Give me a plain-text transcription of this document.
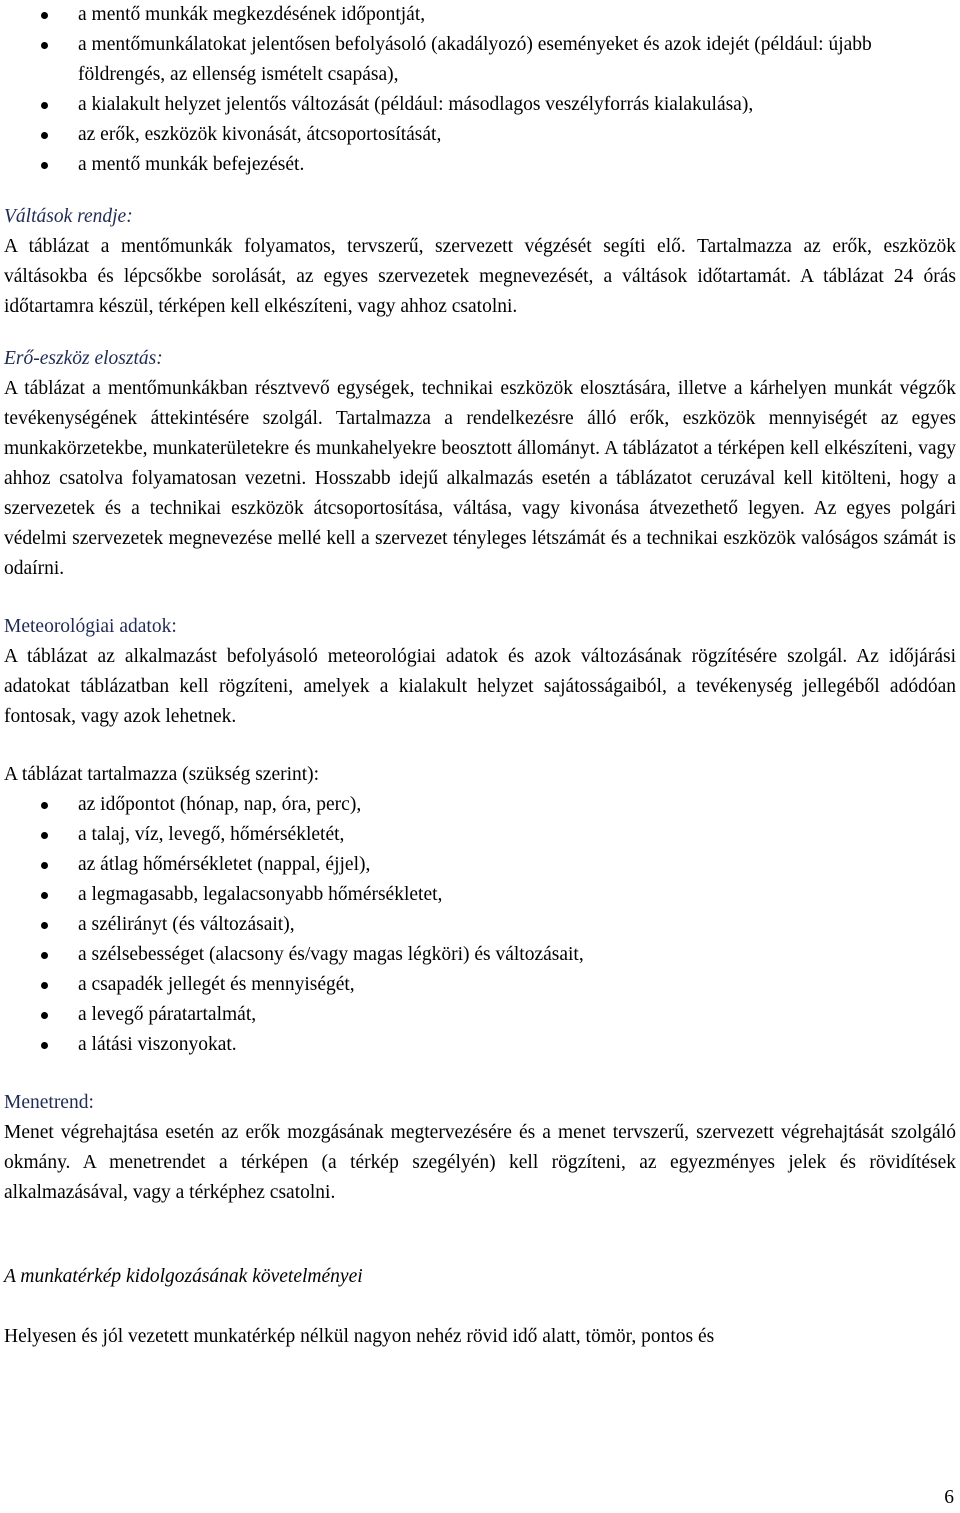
a mentő munkák megkezdésének időpontját,
a mentőmunkálatokat jelentősen befolyásoló (akadályozó) eseményeket és azok idejét (például: újabb földrengés, az ellenség ismételt csapása),
a kialakult helyzet jelentős változását (például: másodlagos veszélyforrás kialakulása),
az erők, eszközök kivonását, átcsoportosítását,
a mentő munkák befejezését.
Váltások rendje:

A táblázat a mentőmunkák folyamatos, tervszerű, szervezett végzését segíti elő. Tartalmazza az erők, eszközök váltásokba és lépcsőkbe sorolását, az egyes szervezetek megnevezését, a váltások időtartamát. A táblázat 24 órás időtartamra készül, térképen kell elkészíteni, vagy ahhoz csatolni.

Erő-eszköz elosztás:

A táblázat a mentőmunkákban résztvevő egységek, technikai eszközök elosztására, illetve a kárhelyen munkát végzők tevékenységének áttekintésére szolgál. Tartalmazza a rendelkezésre álló erők, eszközök mennyiségét az egyes munkakörzetekbe, munkaterületekre és munkahelyekre beosztott állományt. A táblázatot a térképen kell elkészíteni, vagy ahhoz csatolva folyamatosan vezetni. Hosszabb idejű alkalmazás esetén a táblázatot ceruzával kell kitölteni, hogy a szervezetek és a technikai eszközök átcsoportosítása, váltása, vagy kivonása átvezethető legyen. Az egyes polgári védelmi szervezetek megnevezése mellé kell a szervezet tényleges létszámát és a technikai eszközök valóságos számát is odaírni.

Meteorológiai adatok:

A táblázat az alkalmazást befolyásoló meteorológiai adatok és azok változásának rögzítésére szolgál. Az időjárási adatokat táblázatban kell rögzíteni, amelyek a kialakult helyzet sajátosságaiból, a tevékenység jellegéből adódóan fontosak, vagy azok lehetnek.

A táblázat tartalmazza (szükség szerint):
az időpontot (hónap, nap, óra, perc),
a talaj, víz, levegő, hőmérsékletét,
az átlag hőmérsékletet (nappal, éjjel),
a legmagasabb, legalacsonyabb hőmérsékletet,
a szélirányt (és változásait),
a szélsebességet (alacsony és/vagy magas légköri) és változásait,
a csapadék jellegét és mennyiségét,
a levegő páratartalmát,
a látási viszonyokat.
Menetrend:

Menet végrehajtása esetén az erők mozgásának megtervezésére és a menet tervszerű, szervezett végrehajtását szolgáló okmány. A menetrendet a térképen (a térkép szegélyén) kell rögzíteni, az egyezményes jelek és rövidítések alkalmazásával, vagy a térképhez csatolni.

A munkatérkép kidolgozásának követelményei

Helyesen és jól vezetett munkatérkép nélkül nagyon nehéz rövid idő alatt, tömör, pontos és

6
